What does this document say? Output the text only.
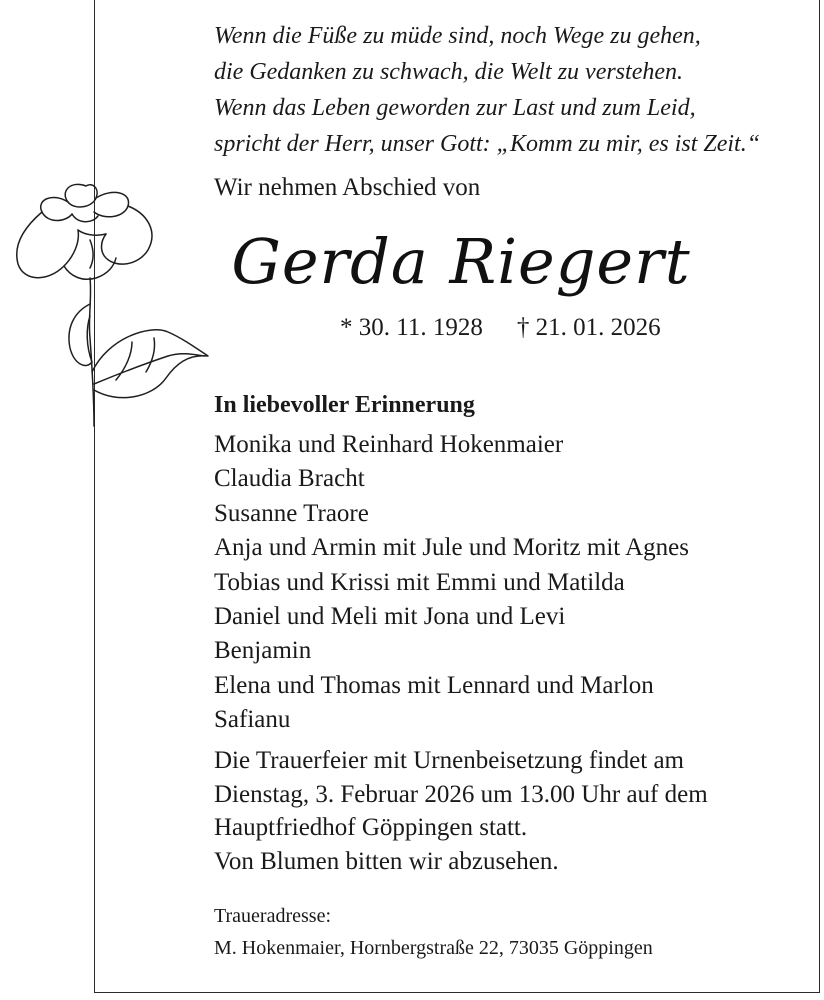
Wenn die Füße zu müde sind, noch Wege zu gehen,
die Gedanken zu schwach, die Welt zu verstehen.
Wenn das Leben geworden zur Last und zum Leid,
spricht der Herr, unser Gott: „Komm zu mir, es ist Zeit.“
Wir nehmen Abschied von
Gerda Riegert
* 30. 11. 1928 † 21. 01. 2026
In liebevoller Erinnerung
Monika und Reinhard Hokenmaier
Claudia Bracht
Susanne Traore
Anja und Armin mit Jule und Moritz mit Agnes
Tobias und Krissi mit Emmi und Matilda
Daniel und Meli mit Jona und Levi
Benjamin
Elena und Thomas mit Lennard und Marlon
Safianu
Die Trauerfeier mit Urnenbeisetzung findet am
Dienstag, 3. Februar 2026 um 13.00 Uhr auf dem
Hauptfriedhof Göppingen statt.
Von Blumen bitten wir abzusehen.
Traueradresse:
M. Hokenmaier, Hornbergstraße 22, 73035 Göppingen
